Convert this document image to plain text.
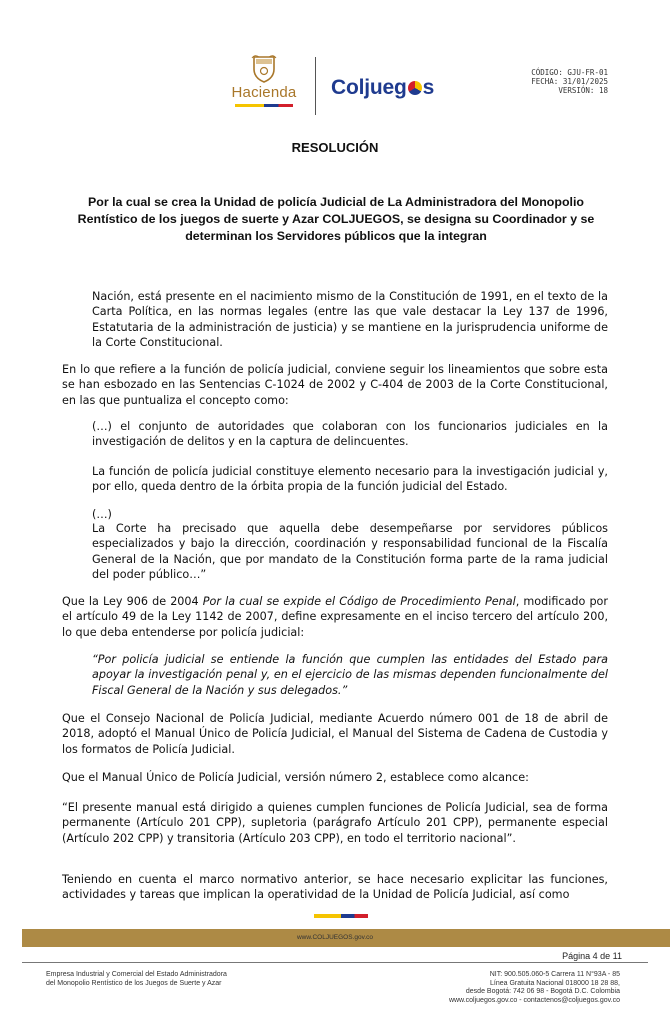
Hacienda	Coljueg s
CÓDIGO: GJU-FR-01
FECHA: 31/01/2025
VERSIÓN: 18
RESOLUCIÓN
Por la cual se crea la Unidad de policía Judicial de La Administradora del Monopolio
Rentístico de los juegos de suerte y Azar COLJUEGOS, se designa su Coordinador y se
determinan los Servidores públicos que la integran

Nación, está presente en el nacimiento mismo de la Constitución de 1991, en el texto de la Carta Política, en las normas legales (entre las que vale destacar la Ley 137 de 1996, Estatutaria de la administración de justicia) y se mantiene en la jurisprudencia uniforme de la Corte Constitucional.

En lo que refiere a la función de policía judicial, conviene seguir los lineamientos que sobre esta se han esbozado en las Sentencias C-1024 de 2002 y C-404 de 2003 de la Corte Constitucional, en las que puntualiza el concepto como:

(…) el conjunto de autoridades que colaboran con los funcionarios judiciales en la investigación de delitos y en la captura de delincuentes.

La función de policía judicial constituye elemento necesario para la investigación judicial y, por ello, queda dentro de la órbita propia de la función judicial del Estado.

(…)

La Corte ha precisado que aquella debe desempeñarse por servidores públicos especializados y bajo la dirección, coordinación y responsabilidad funcional de la Fiscalía General de la Nación, que por mandato de la Constitución forma parte de la rama judicial del poder público…”

Que la Ley 906 de 2004 Por la cual se expide el Código de Procedimiento Penal, modificado por el artículo 49 de la Ley 1142 de 2007, define expresamente en el inciso tercero del artículo 200, lo que deba entenderse por policía judicial:

“Por policía judicial se entiende la función que cumplen las entidades del Estado para apoyar la investigación penal y, en el ejercicio de las mismas dependen funcionalmente del Fiscal General de la Nación y sus delegados.”

Que el Consejo Nacional de Policía Judicial, mediante Acuerdo número 001 de 18 de abril de 2018, adoptó el Manual Único de Policía Judicial, el Manual del Sistema de Cadena de Custodia y los formatos de Policía Judicial.

Que el Manual Único de Policía Judicial, versión número 2, establece como alcance:

“El presente manual está dirigido a quienes cumplen funciones de Policía Judicial, sea de forma permanente (Artículo 201 CPP), supletoria (parágrafo Artículo 201 CPP), permanente especial (Artículo 202 CPP) y transitoria (Artículo 203 CPP), en todo el territorio nacional”.

Teniendo en cuenta el marco normativo anterior, se hace necesario explicitar las funciones, actividades y tareas que implican la operatividad de la Unidad de Policía Judicial, así como

www.COLJUEGOS.gov.co
Página 4 de 11
Empresa Industrial y Comercial del Estado Administradora
del Monopolio Rentístico de los Juegos de Suerte y Azar
NIT: 900.505.060-5 Carrera 11 N°93A - 85
Línea Gratuita Nacional 018000 18 28 88,
desde Bogotá: 742 06 98 - Bogotá D.C. Colombia
www.coljuegos.gov.co - contactenos@coljuegos.gov.co
